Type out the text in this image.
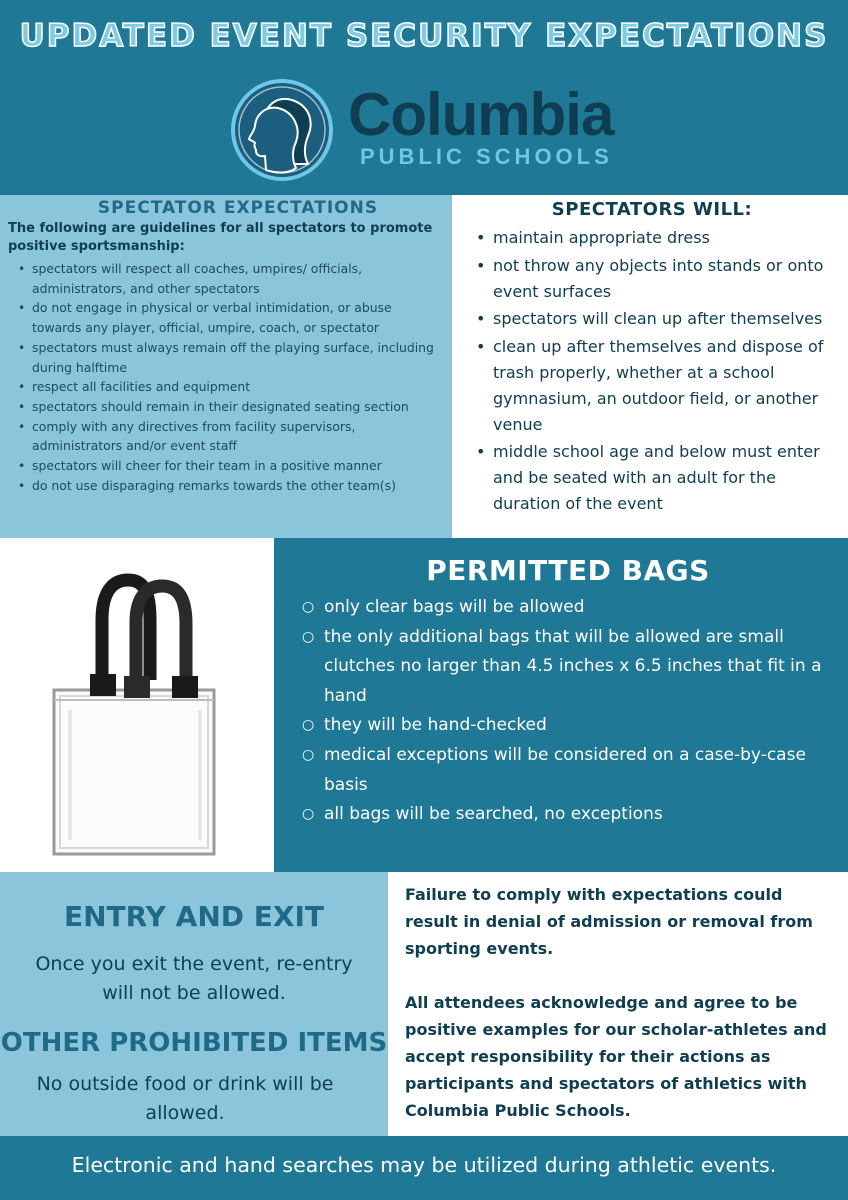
UPDATED EVENT SECURITY EXPECTATIONS
Columbia
PUBLIC SCHOOLS
SPECTATOR EXPECTATIONS
The following are guidelines for all spectators to promote positive sportsmanship:
• spectators will respect all coaches, umpires/ officials, administrators, and other spectators
• do not engage in physical or verbal intimidation, or abuse towards any player, official, umpire, coach, or spectator
• spectators must always remain off the playing surface, including during halftime
• respect all facilities and equipment
• spectators should remain in their designated seating section
• comply with any directives from facility supervisors, administrators and/or event staff
• spectators will cheer for their team in a positive manner
• do not use disparaging remarks towards the other team(s)
SPECTATORS WILL:
• maintain appropriate dress
• not throw any objects into stands or onto event surfaces
• spectators will clean up after themselves
• clean up after themselves and dispose of trash properly, whether at a school gymnasium, an outdoor field, or another venue
• middle school age and below must enter and be seated with an adult for the duration of the event
PERMITTED BAGS
○ only clear bags will be allowed
○ the only additional bags that will be allowed are small clutches no larger than 4.5 inches x 6.5 inches that fit in a hand
○ they will be hand-checked
○ medical exceptions will be considered on a case-by-case basis
○ all bags will be searched, no exceptions
ENTRY AND EXIT
Once you exit the event, re-entry will not be allowed.
OTHER PROHIBITED ITEMS
No outside food or drink will be allowed.

Failure to comply with expectations could result in denial of admission or removal from sporting events.

All attendees acknowledge and agree to be positive examples for our scholar-athletes and accept responsibility for their actions as participants and spectators of athletics with Columbia Public Schools.

Electronic and hand searches may be utilized during athletic events.
